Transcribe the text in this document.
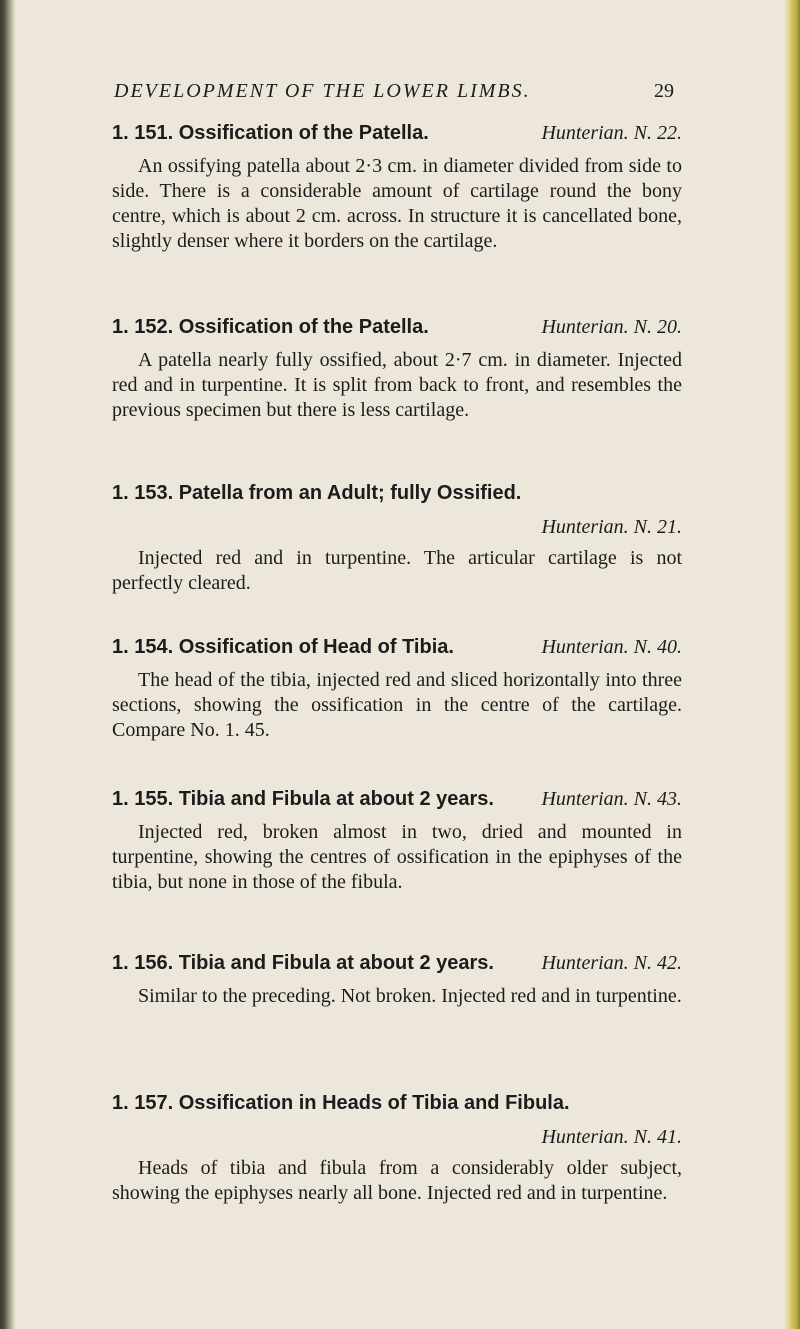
DEVELOPMENT OF THE LOWER LIMBS.	29
1. 151. Ossification of the Patella.	Hunterian. N. 22.
An ossifying patella about 2·3 cm. in diameter divided from side to side. There is a considerable amount of cartilage round the bony centre, which is about 2 cm. across. In structure it is cancellated bone, slightly denser where it borders on the cartilage.
1. 152. Ossification of the Patella.	Hunterian. N. 20.
A patella nearly fully ossified, about 2·7 cm. in diameter. Injected red and in turpentine. It is split from back to front, and resembles the previous specimen but there is less cartilage.
1. 153. Patella from an Adult; fully Ossified.
Hunterian. N. 21.
Injected red and in turpentine. The articular cartilage is not perfectly cleared.
1. 154. Ossification of Head of Tibia.	Hunterian. N. 40.
The head of the tibia, injected red and sliced horizontally into three sections, showing the ossification in the centre of the cartilage. Compare No. 1. 45.
1. 155. Tibia and Fibula at about 2 years. Hunterian. N. 43.
Injected red, broken almost in two, dried and mounted in turpentine, showing the centres of ossification in the epiphyses of the tibia, but none in those of the fibula.
1. 156. Tibia and Fibula at about 2 years. Hunterian. N. 42.
Similar to the preceding. Not broken. Injected red and in turpentine.
1. 157. Ossification in Heads of Tibia and Fibula.
Hunterian. N. 41.
Heads of tibia and fibula from a considerably older subject, showing the epiphyses nearly all bone. Injected red and in turpentine.
